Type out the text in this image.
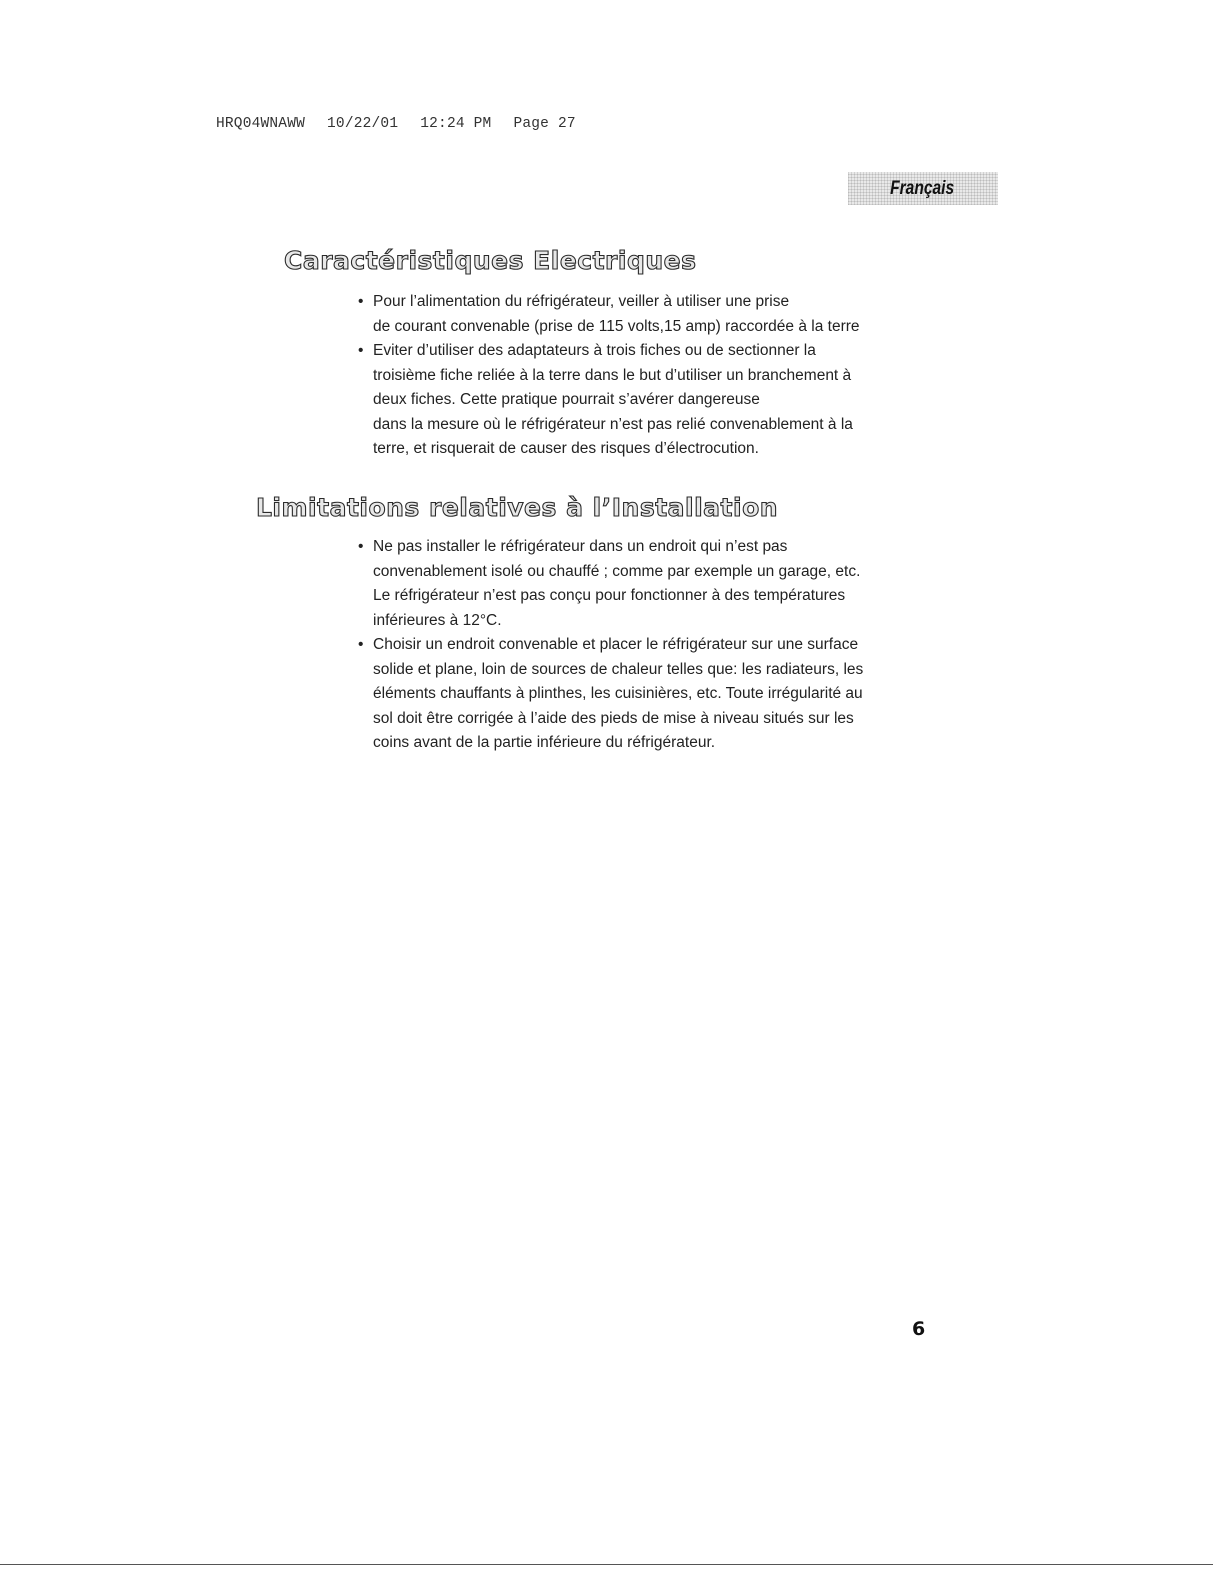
HRQ04WNAWW 10/22/01 12:24 PM Page 27
Français
Caractéristiques Electriques
• Pour l’alimentation du réfrigérateur, veiller à utiliser une prise
de courant convenable (prise de 115 volts,15 amp) raccordée à la terre
• Eviter d’utiliser des adaptateurs à trois fiches ou de sectionner la
troisième fiche reliée à la terre dans le but d’utiliser un branchement à
deux fiches. Cette pratique pourrait s’avérer dangereuse
dans la mesure où le réfrigérateur n’est pas relié convenablement à la
terre, et risquerait de causer des risques d’électrocution.
Limitations relatives à l’Installation
• Ne pas installer le réfrigérateur dans un endroit qui n’est pas
convenablement isolé ou chauffé ; comme par exemple un garage, etc.
Le réfrigérateur n’est pas conçu pour fonctionner à des températures
inférieures à 12°C.
• Choisir un endroit convenable et placer le réfrigérateur sur une surface
solide et plane, loin de sources de chaleur telles que: les radiateurs, les
éléments chauffants à plinthes, les cuisinières, etc. Toute irrégularité au
sol doit être corrigée à l’aide des pieds de mise à niveau situés sur les
coins avant de la partie inférieure du réfrigérateur.
6
